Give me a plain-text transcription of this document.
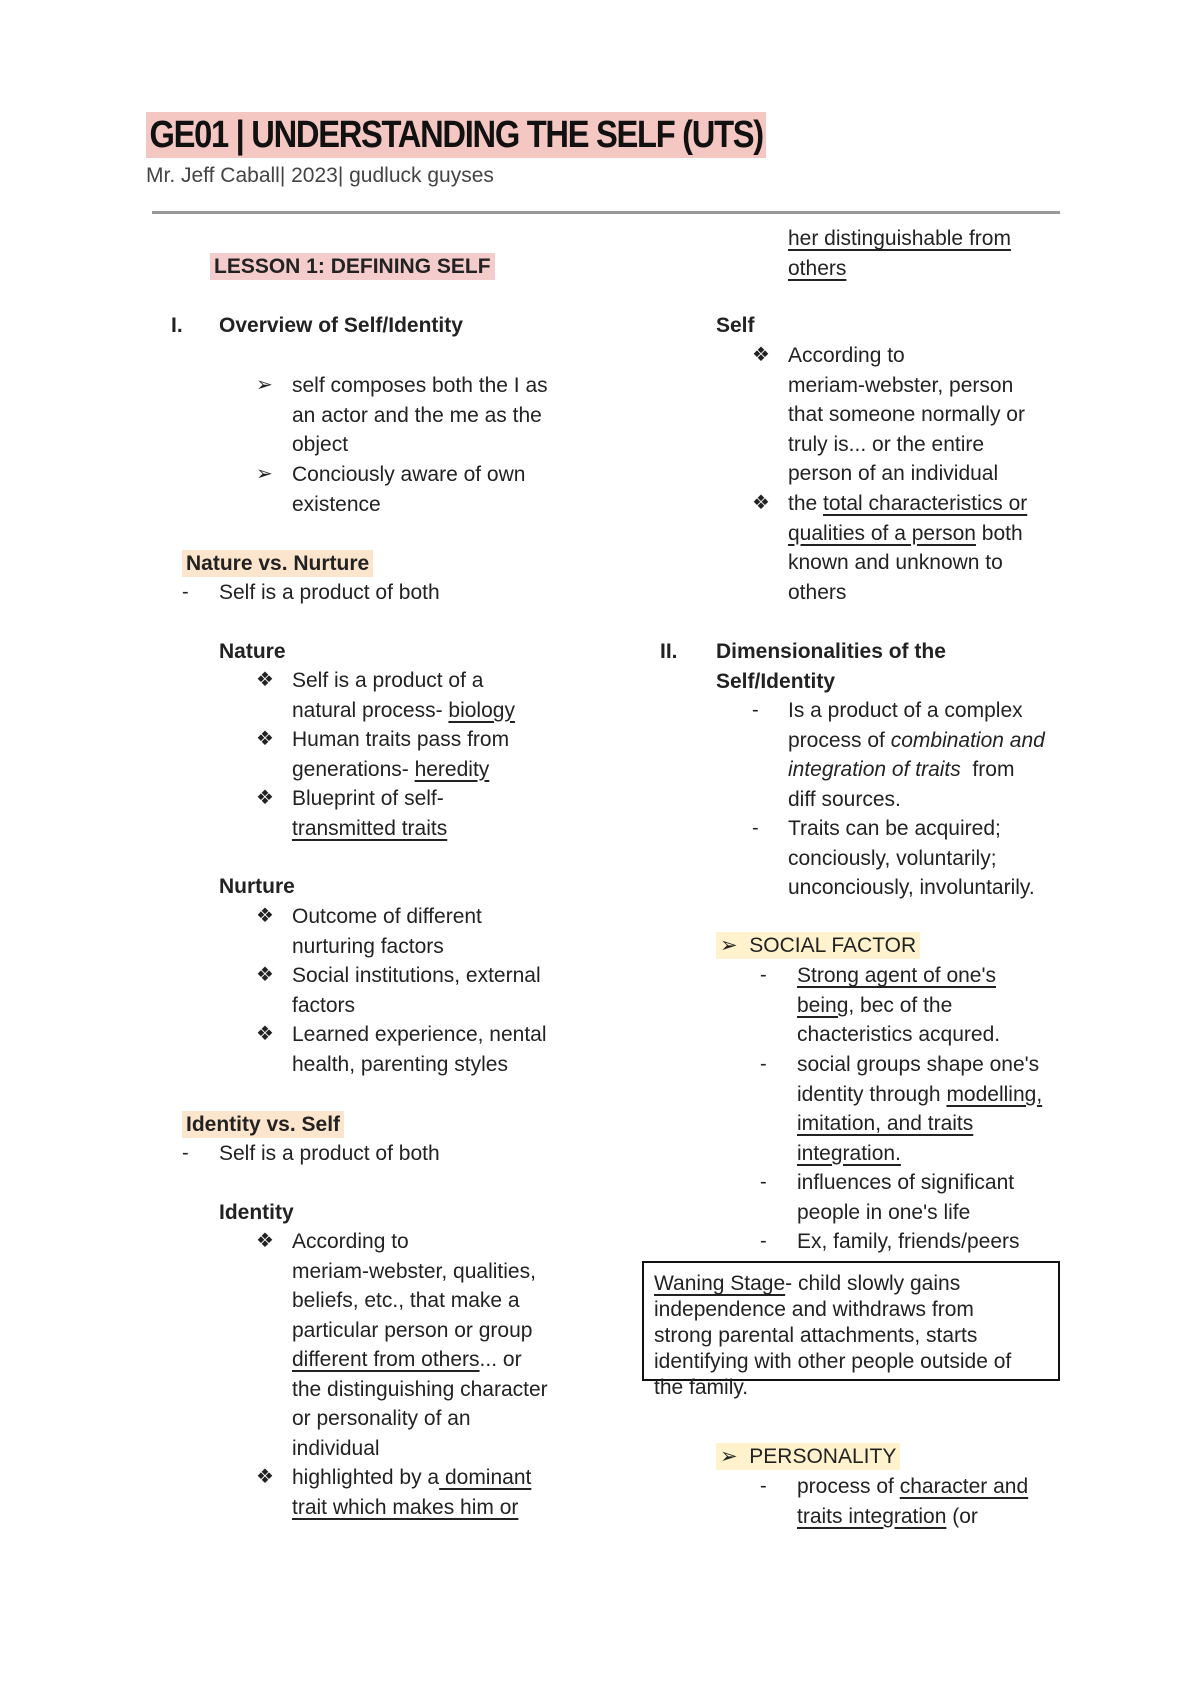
GE01 | UNDERSTANDING THE SELF (UTS)
Mr. Jeff Caball| 2023| gudluck guyses
LESSON 1: DEFINING SELF
I. Overview of Self/Identity
➢ self composes both the I as
an actor and the me as the
object
➢ Conciously aware of own
existence
Nature vs. Nurture
- Self is a product of both
Nature
❖ Self is a product of a
natural process- biology
❖ Human traits pass from
generations- heredity
❖ Blueprint of self-
transmitted traits
Nurture
❖ Outcome of different
nurturing factors
❖ Social institutions, external
factors
❖ Learned experience, nental
health, parenting styles
Identity vs. Self
- Self is a product of both
Identity
❖ According to
meriam-webster, qualities,
beliefs, etc., that make a
particular person or group
different from others... or
the distinguishing character
or personality of an
individual
❖ highlighted by a dominant
trait which makes him or
her distinguishable from
others
Self
❖ According to
meriam-webster, person
that someone normally or
truly is... or the entire
person of an individual
❖ the total characteristics or
qualities of a person both
known and unknown to
others
II. Dimensionalities of the
Self/Identity
- Is a product of a complex
process of combination and
integration of traits  from
diff sources.
- Traits can be acquired;
conciously, voluntarily;
unconciously, involuntarily.
➢ SOCIAL FACTOR
- Strong agent of one's
being, bec of the
chacteristics acqured.
- social groups shape one's
identity through modelling,
imitation, and traits
integration.
- influences of significant
people in one's life
- Ex, family, friends/peers
Waning Stage- child slowly gains
independence and withdraws from
strong parental attachments, starts
identifying with other people outside of
the family.
➢ PERSONALITY
- process of character and
traits integration (or
